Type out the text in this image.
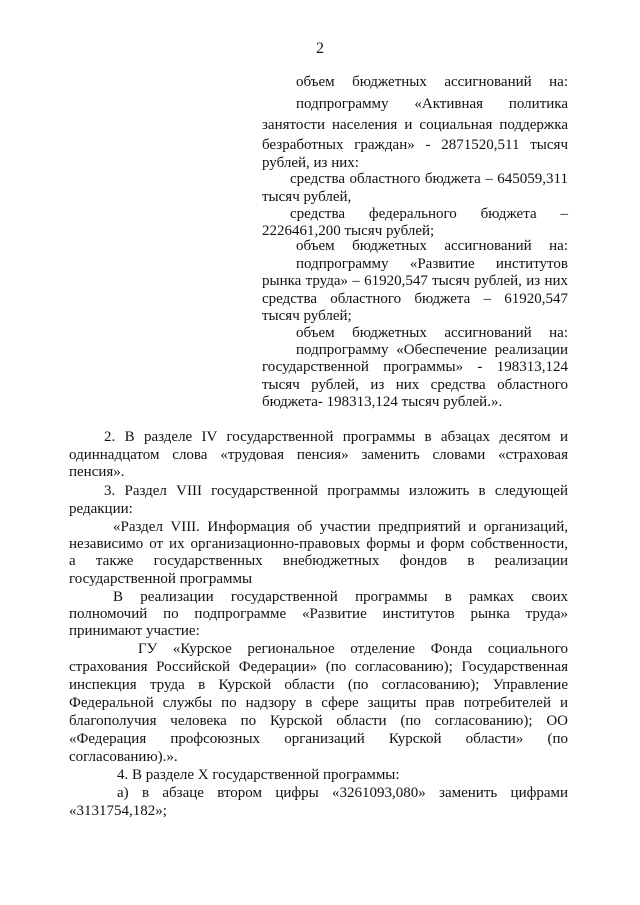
2
объем бюджетных ассигнований на:
подпрограмму «Активная политика
занятости населения и социальная поддержка
безработных граждан» - 2871520,511 тысяч
рублей, из них:
средства областного бюджета – 645059,311
тысяч рублей,
средства федерального бюджета –
2226461,200 тысяч рублей;
объем бюджетных ассигнований на:
подпрограмму «Развитие институтов
рынка труда» – 61920,547 тысяч рублей, из них
средства областного бюджета – 61920,547
тысяч рублей;
объем бюджетных ассигнований на:
подпрограмму «Обеспечение реализации
государственной программы» - 198313,124
тысяч рублей, из них средства областного
бюджета- 198313,124 тысяч рублей.».
2. В разделе IV государственной программы в абзацах десятом и
одиннадцатом слова «трудовая пенсия» заменить словами «страховая
пенсия».
3. Раздел VIII государственной программы изложить в следующей
редакции:
«Раздел VIII. Информация об участии предприятий и организаций,
независимо от их организационно-правовых формы и форм собственности,
а также государственных внебюджетных фондов в реализации
государственной программы
В реализации государственной программы в рамках своих
полномочий по подпрограмме «Развитие институтов рынка труда»
принимают участие:
ГУ «Курское региональное отделение Фонда социального
страхования Российской Федерации» (по согласованию); Государственная
инспекция труда в Курской области (по согласованию); Управление
Федеральной службы по надзору в сфере защиты прав потребителей и
благополучия человека по Курской области (по согласованию); ОО
«Федерация профсоюзных организаций Курской области» (по
согласованию).».
4. В разделе Х государственной программы:
а) в абзаце втором цифры «3261093,080» заменить цифрами
«3131754,182»;
